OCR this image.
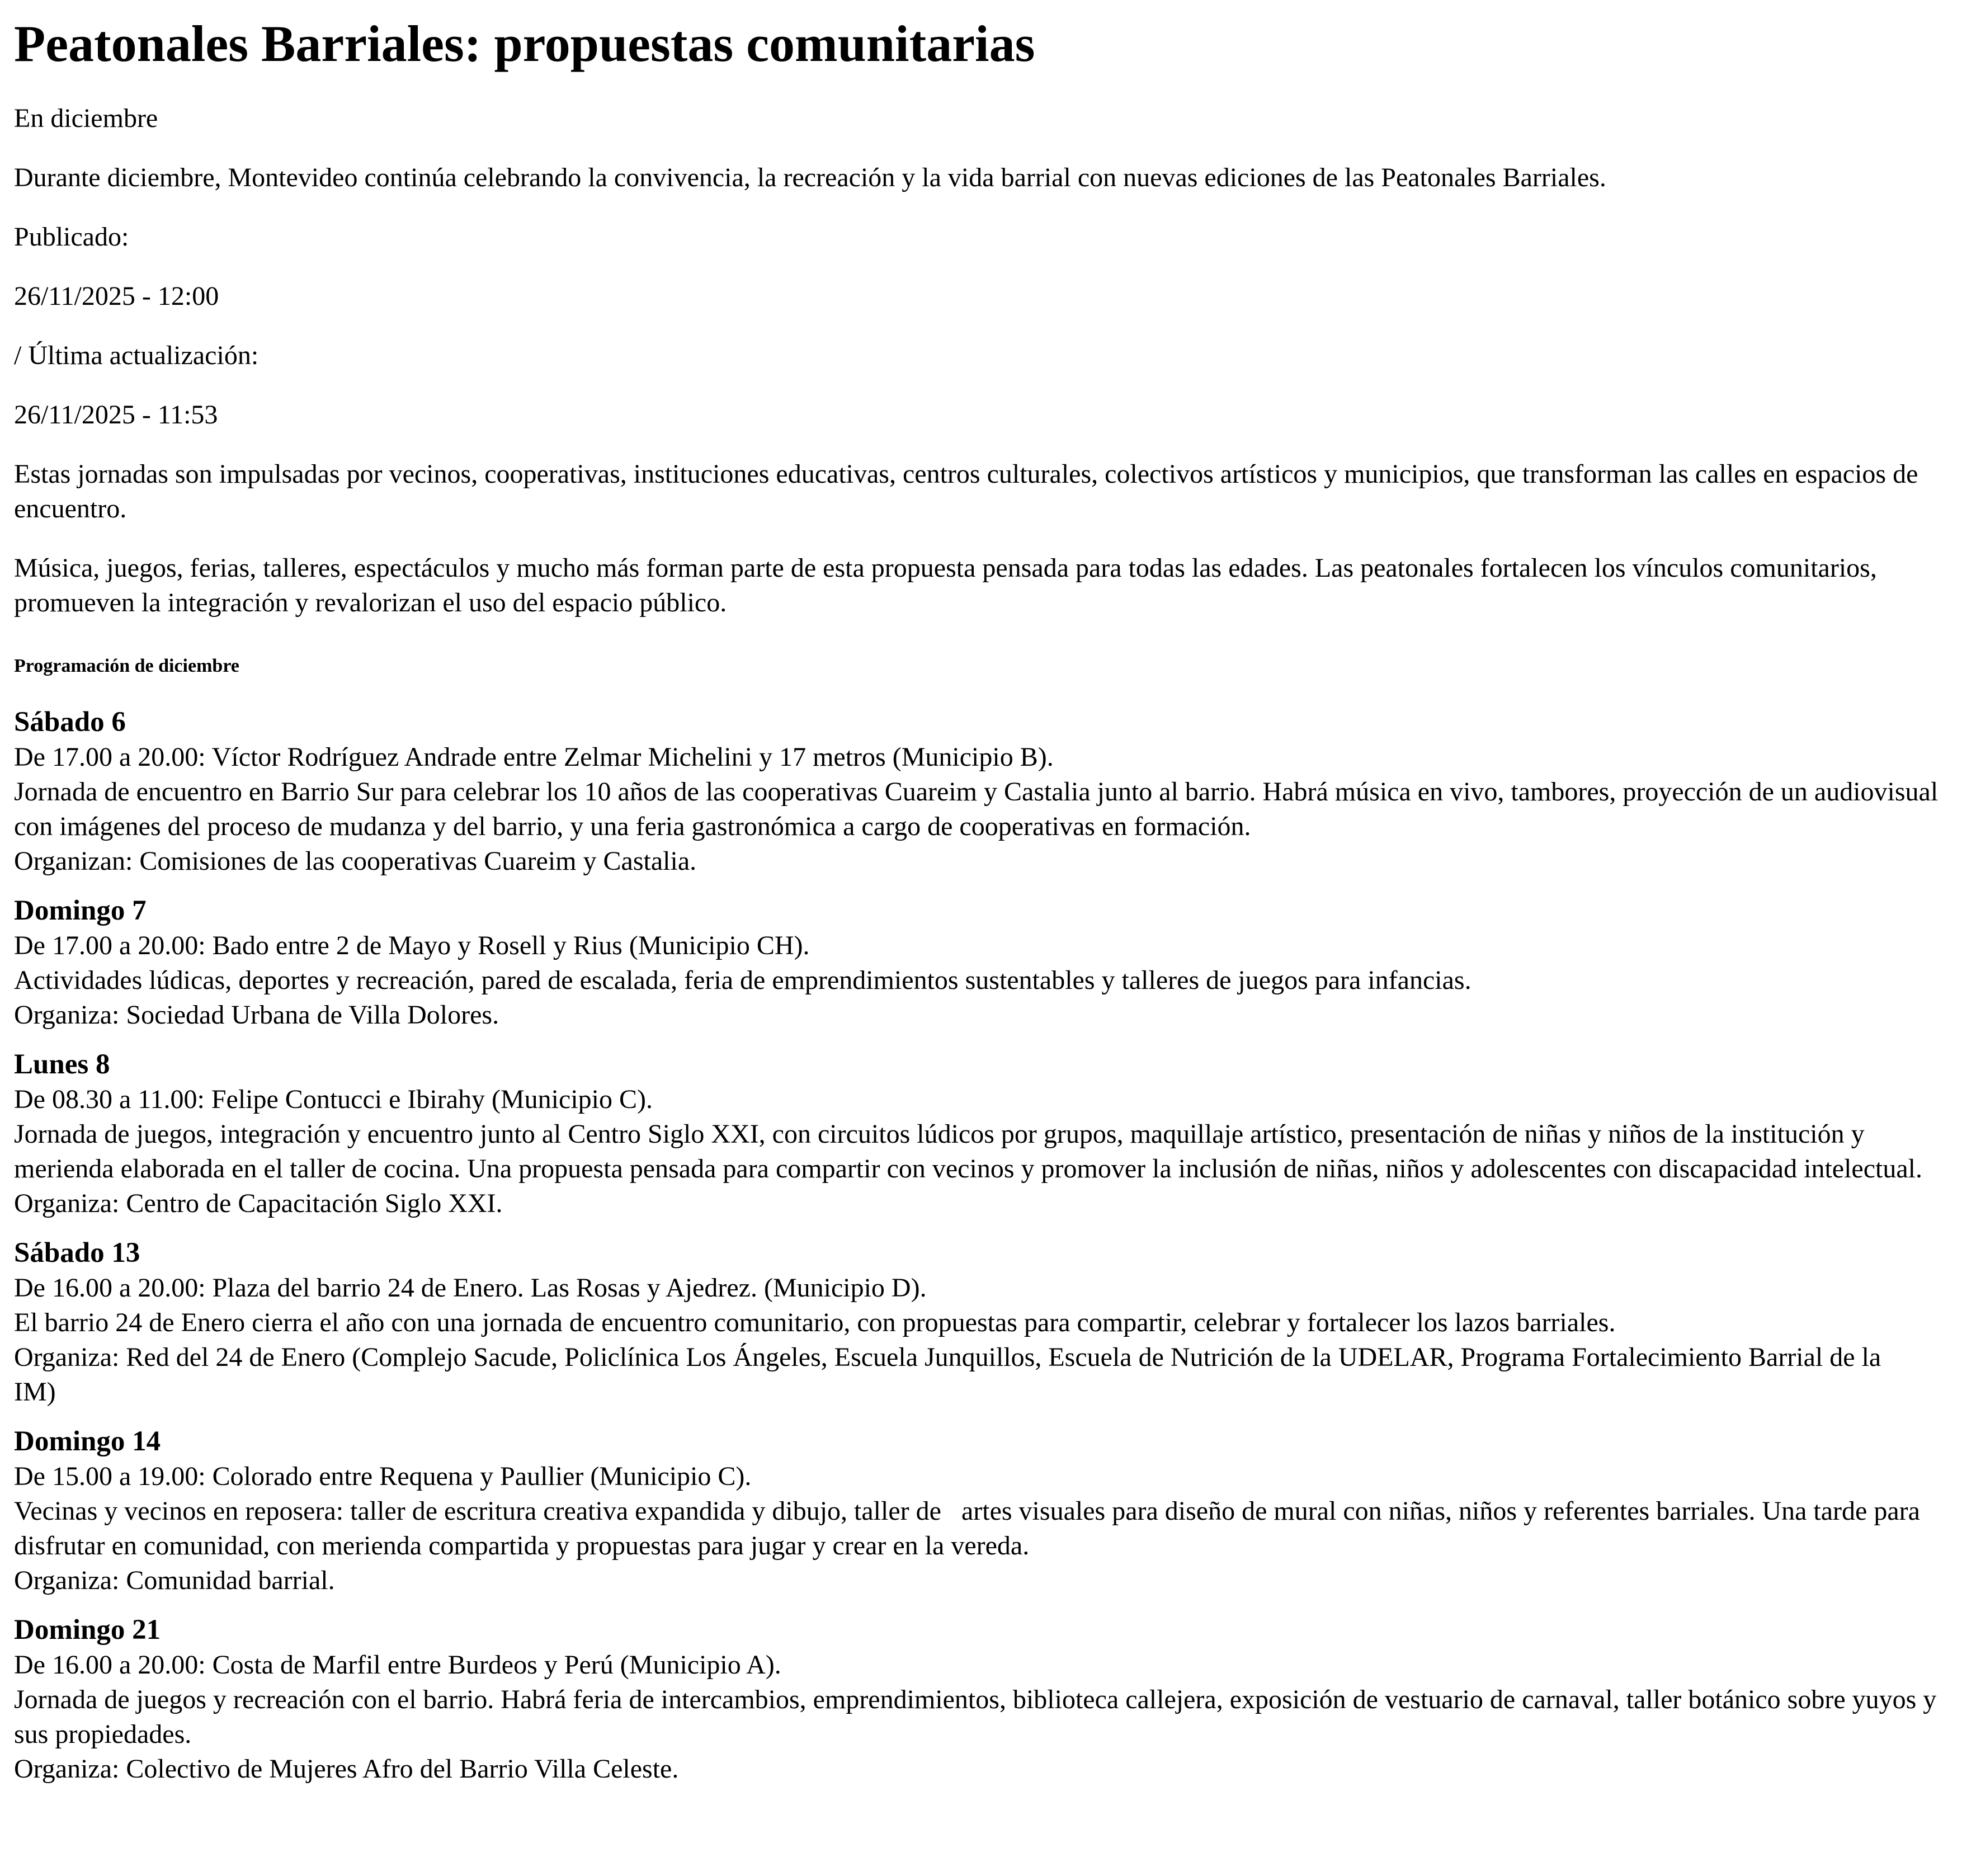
Peatonales Barriales: propuestas comunitarias

En diciembre

Durante diciembre, Montevideo continúa celebrando la convivencia, la recreación y la vida barrial con nuevas ediciones de las Peatonales Barriales.

Publicado:

26/11/2025 - 12:00

/ Última actualización:

26/11/2025 - 11:53

Estas jornadas son impulsadas por vecinos, cooperativas, instituciones educativas, centros culturales, colectivos artísticos y municipios, que transforman las calles en espacios de encuentro.

Música, juegos, ferias, talleres, espectáculos y mucho más forman parte de esta propuesta pensada para todas las edades. Las peatonales fortalecen los vínculos comunitarios, promueven la integración y revalorizan el uso del espacio público.

Programación de diciembre

Sábado 6
De 17.00 a 20.00: Víctor Rodríguez Andrade entre Zelmar Michelini y 17 metros (Municipio B).
Jornada de encuentro en Barrio Sur para celebrar los 10 años de las cooperativas Cuareim y Castalia junto al barrio. Habrá música en vivo, tambores, proyección de un audiovisual con imágenes del proceso de mudanza y del barrio, y una feria gastronómica a cargo de cooperativas en formación.
Organizan: Comisiones de las cooperativas Cuareim y Castalia.

Domingo 7
De 17.00 a 20.00: Bado entre 2 de Mayo y Rosell y Rius (Municipio CH).
Actividades lúdicas, deportes y recreación, pared de escalada, feria de emprendimientos sustentables y talleres de juegos para infancias.
Organiza: Sociedad Urbana de Villa Dolores.

Lunes 8
De 08.30 a 11.00: Felipe Contucci e Ibirahy (Municipio C).
Jornada de juegos, integración y encuentro junto al Centro Siglo XXI, con circuitos lúdicos por grupos, maquillaje artístico, presentación de niñas y niños de la institución y merienda elaborada en el taller de cocina. Una propuesta pensada para compartir con vecinos y promover la inclusión de niñas, niños y adolescentes con discapacidad intelectual.
Organiza: Centro de Capacitación Siglo XXI.

Sábado 13
De 16.00 a 20.00: Plaza del barrio 24 de Enero. Las Rosas y Ajedrez. (Municipio D).
El barrio 24 de Enero cierra el año con una jornada de encuentro comunitario, con propuestas para compartir, celebrar y fortalecer los lazos barriales.
Organiza: Red del 24 de Enero (Complejo Sacude, Policlínica Los Ángeles, Escuela Junquillos, Escuela de Nutrición de la UDELAR, Programa Fortalecimiento Barrial de la
IM)

Domingo 14
De 15.00 a 19.00: Colorado entre Requena y Paullier (Municipio C).
Vecinas y vecinos en reposera: taller de escritura creativa expandida y dibujo, taller de   artes visuales para diseño de mural con niñas, niños y referentes barriales. Una tarde para disfrutar en comunidad, con merienda compartida y propuestas para jugar y crear en la vereda.
Organiza: Comunidad barrial.

Domingo 21
De 16.00 a 20.00: Costa de Marfil entre Burdeos y Perú (Municipio A).
Jornada de juegos y recreación con el barrio. Habrá feria de intercambios, emprendimientos, biblioteca callejera, exposición de vestuario de carnaval, taller botánico sobre yuyos y sus propiedades.
Organiza: Colectivo de Mujeres Afro del Barrio Villa Celeste.
